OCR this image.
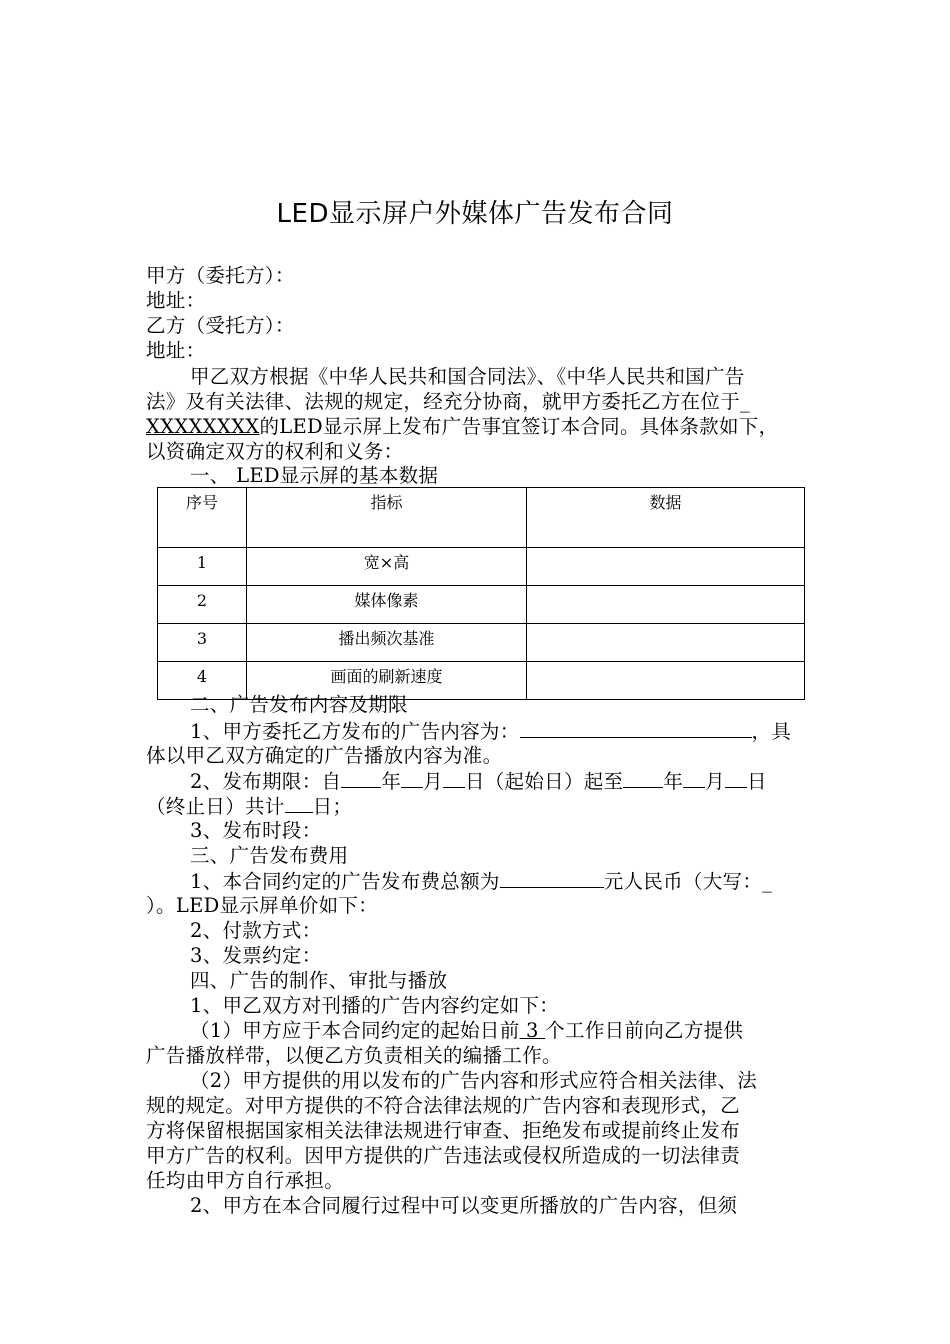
LED显示屏户外媒体广告发布合同
甲方（委托方）：
地址：
乙方（受托方）：
地址：
甲乙双方根据《中华人民共和国合同法》、《中华人民共和国广告
法》及有关法律、法规的规定，经充分协商，就甲方委托乙方在位于_
XXXXXXXX的LED显示屏上发布广告事宜签订本合同。具体条款如下，
以资确定双方的权利和义务：
一、 LED显示屏的基本数据
序号	指标	数据
1	宽×高	
2	媒体像素	
3	播出频次基准	
4	画面的刷新速度	
二、广告发布内容及期限
1、甲方委托乙方发布的广告内容为：	，具
体以甲乙双方确定的广告播放内容为准。
2、发布期限：自 年 月 日（起始日）起至 年 月 日
（终止日）共计 日；
3、发布时段：
三、广告发布费用
1、本合同约定的广告发布费总额为	元人民币（大写：_
）。LED显示屏单价如下：
2、付款方式：
3、发票约定：
四、广告的制作、审批与播放
1、甲乙双方对刊播的广告内容约定如下：
（1）甲方应于本合同约定的起始日前 3 个工作日前向乙方提供
广告播放样带，以便乙方负责相关的编播工作。
（2）甲方提供的用以发布的广告内容和形式应符合相关法律、法
规的规定。对甲方提供的不符合法律法规的广告内容和表现形式，乙
方将保留根据国家相关法律法规进行审查、拒绝发布或提前终止发布
甲方广告的权利。因甲方提供的广告违法或侵权所造成的一切法律责
任均由甲方自行承担。
2、甲方在本合同履行过程中可以变更所播放的广告内容，但须
